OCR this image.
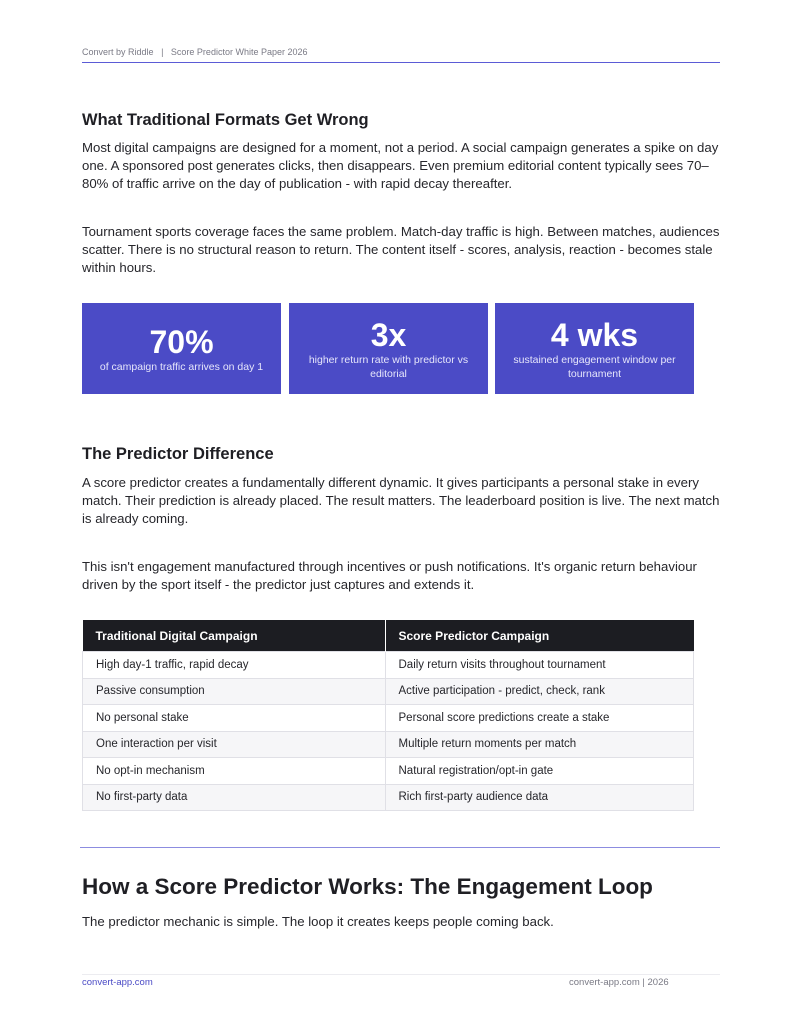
Convert by Riddle | Score Predictor White Paper 2026
What Traditional Formats Get Wrong

Most digital campaigns are designed for a moment, not a period. A social campaign generates a spike on day one. A sponsored post generates clicks, then disappears. Even premium editorial content typically sees 70–80% of traffic arrive on the day of publication - with rapid decay thereafter.

Tournament sports coverage faces the same problem. Match-day traffic is high. Between matches, audiences scatter. There is no structural reason to return. The content itself - scores, analysis, reaction - becomes stale within hours.

70%
of campaign traffic arrives on day 1
3x
higher return rate with predictor vs editorial
4 wks
sustained engagement window per tournament
The Predictor Difference

A score predictor creates a fundamentally different dynamic. It gives participants a personal stake in every match. Their prediction is already placed. The result matters. The leaderboard position is live. The next match is already coming.

This isn't engagement manufactured through incentives or push notifications. It's organic return behaviour driven by the sport itself - the predictor just captures and extends it.

Traditional Digital Campaign	Score Predictor Campaign
High day-1 traffic, rapid decay	Daily return visits throughout tournament
Passive consumption	Active participation - predict, check, rank
No personal stake	Personal score predictions create a stake
One interaction per visit	Multiple return moments per match
No opt-in mechanism	Natural registration/opt-in gate
No first-party data	Rich first-party audience data
How a Score Predictor Works: The Engagement Loop

The predictor mechanic is simple. The loop it creates keeps people coming back.

convert-app.com	convert-app.com | 2026
